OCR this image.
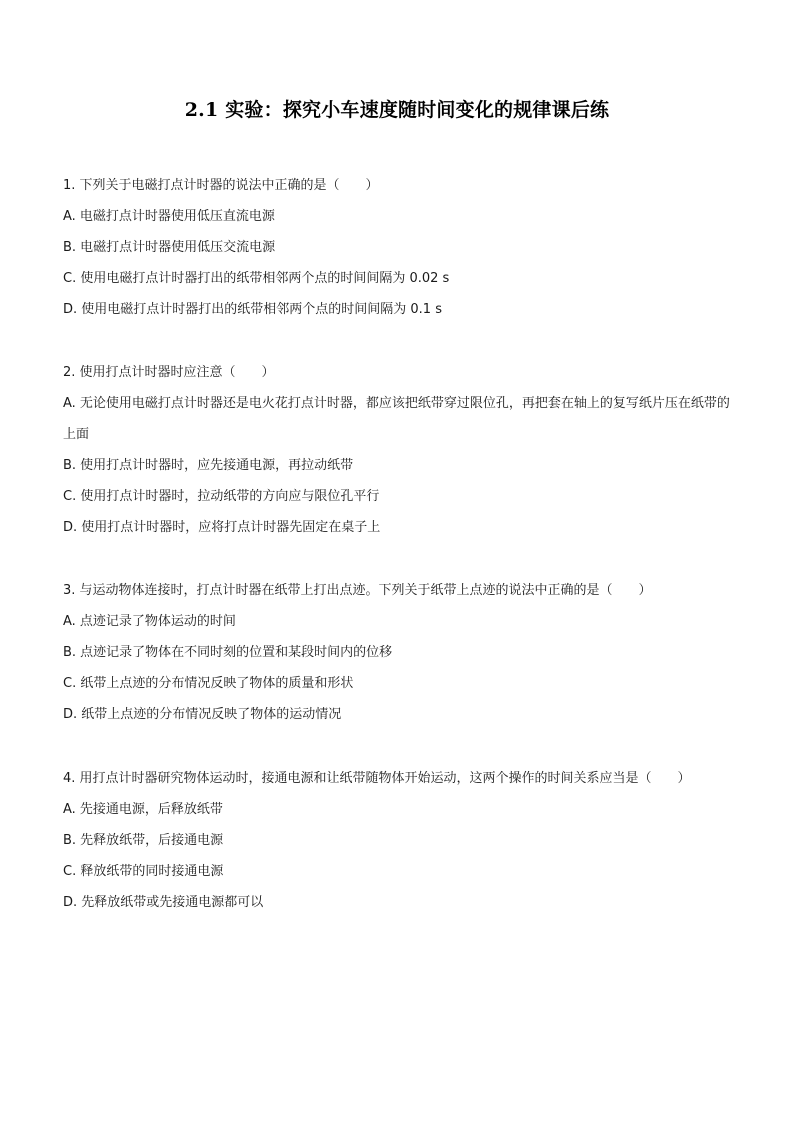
2.1 实验：探究小车速度随时间变化的规律课后练
1. 下列关于电磁打点计时器的说法中正确的是（　　）
A. 电磁打点计时器使用低压直流电源
B. 电磁打点计时器使用低压交流电源
C. 使用电磁打点计时器打出的纸带相邻两个点的时间间隔为 0.02 s
D. 使用电磁打点计时器打出的纸带相邻两个点的时间间隔为 0.1 s
2. 使用打点计时器时应注意（　　）
A. 无论使用电磁打点计时器还是电火花打点计时器，都应该把纸带穿过限位孔，再把套在轴上的复写纸片压在纸带的上面
B. 使用打点计时器时，应先接通电源，再拉动纸带
C. 使用打点计时器时，拉动纸带的方向应与限位孔平行
D. 使用打点计时器时，应将打点计时器先固定在桌子上
3. 与运动物体连接时，打点计时器在纸带上打出点迹。下列关于纸带上点迹的说法中正确的是（　　）
A. 点迹记录了物体运动的时间
B. 点迹记录了物体在不同时刻的位置和某段时间内的位移
C. 纸带上点迹的分布情况反映了物体的质量和形状
D. 纸带上点迹的分布情况反映了物体的运动情况
4. 用打点计时器研究物体运动时，接通电源和让纸带随物体开始运动，这两个操作的时间关系应当是（　　）
A. 先接通电源，后释放纸带
B. 先释放纸带，后接通电源
C. 释放纸带的同时接通电源
D. 先释放纸带或先接通电源都可以
